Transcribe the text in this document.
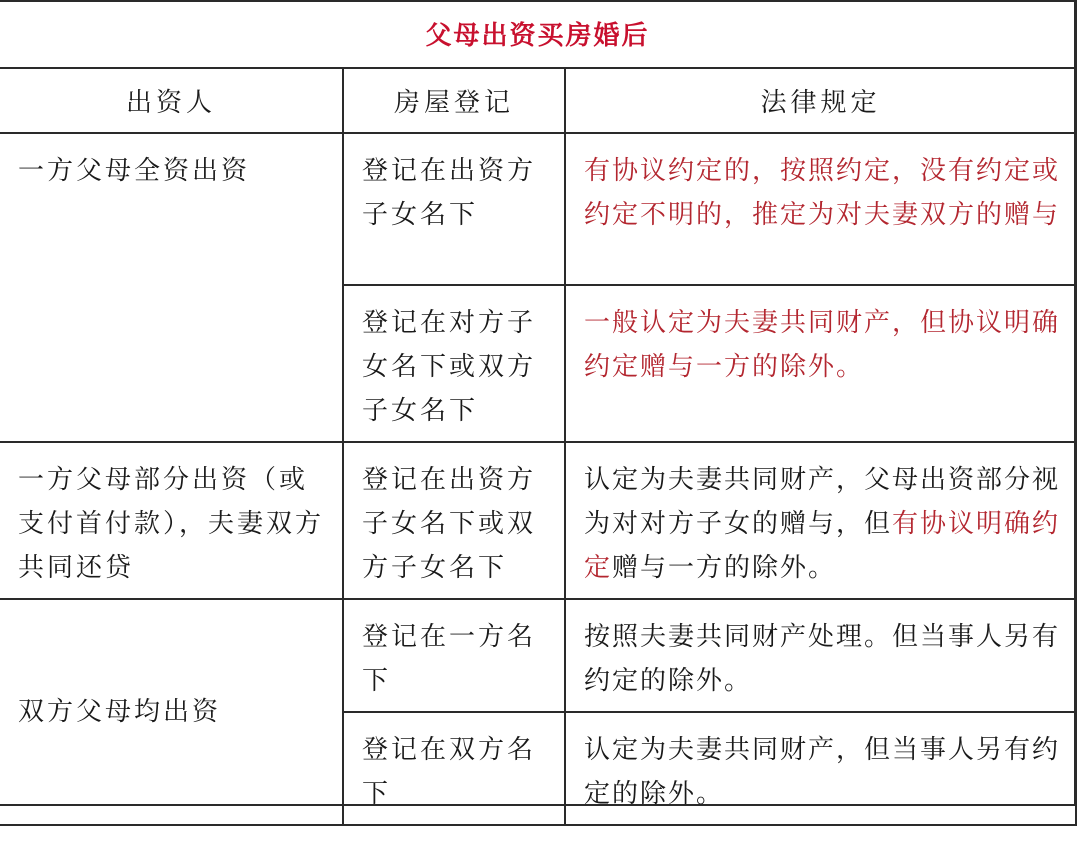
父母出资买房婚后		
出资人	房屋登记	法律规定

一方父母全资出资	登记在出资方子女名下	有协议约定的，按照约定，没有约定或约定不明的，推定为对夫妻双方的赠与

	登记在对方子女名下或双方子女名下	一般认定为夫妻共同财产，但协议明确约定赠与一方的除外。

一方父母部分出资（或支付首付款），夫妻双方共同还贷	登记在出资方子女名下或双方子女名下	认定为夫妻共同财产，父母出资部分视为对对方子女的赠与，但有协议明确约定赠与一方的除外。

双方父母均出资	登记在一方名下	按照夫妻共同财产处理。但当事人另有约定的除外。

	登记在双方名下	认定为夫妻共同财产，但当事人另有约定的除外。
